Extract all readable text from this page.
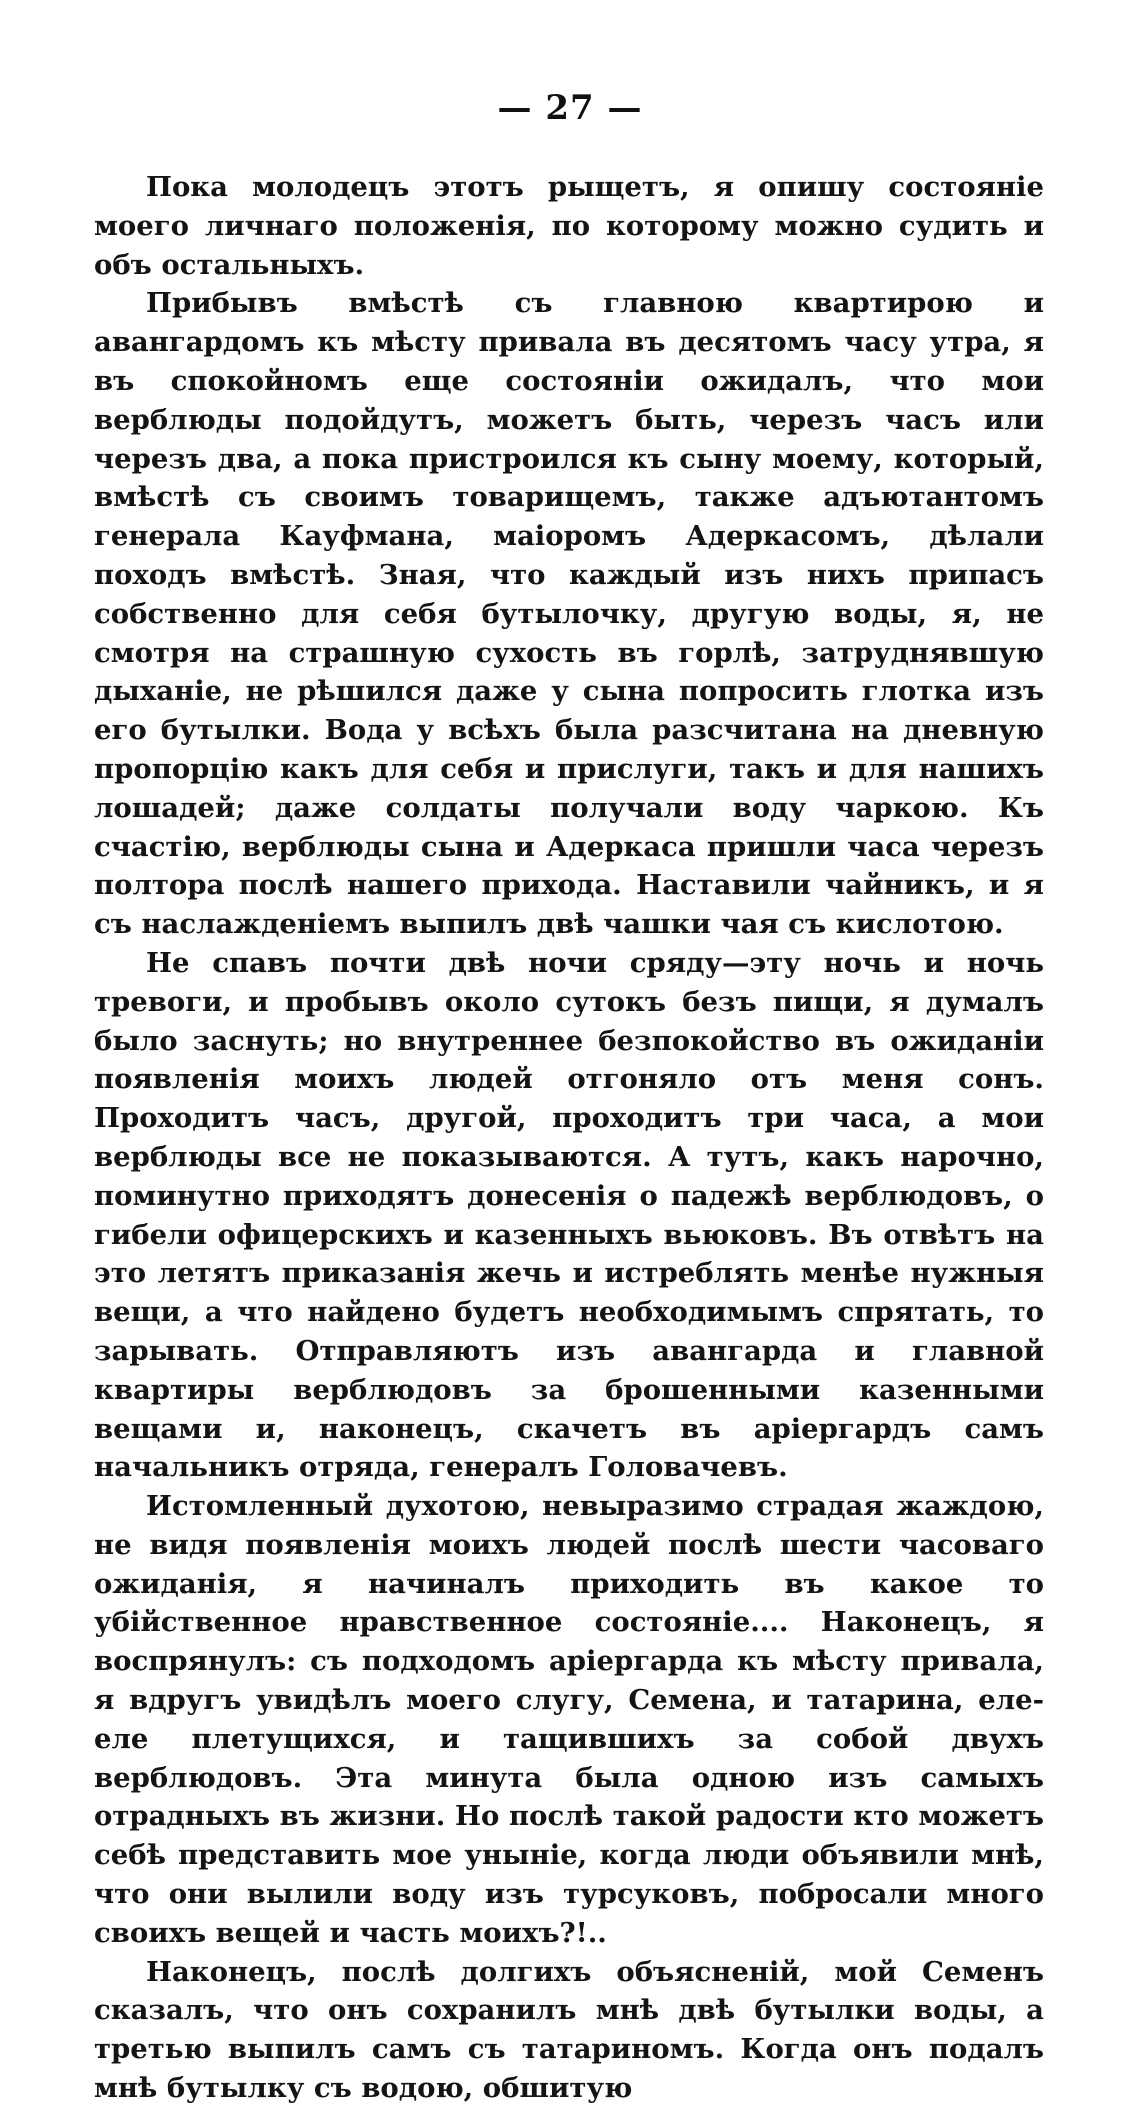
— 27 —

Пока молодецъ этотъ рыщетъ, я опишу состояніе моего личнаго положенія, по которому можно судить и объ остальныхъ.

Прибывъ вмѣстѣ съ главною квартирою и авангардомъ къ мѣсту привала въ десятомъ часу утра, я въ спокойномъ еще состояніи ожидалъ, что мои верблюды подойдутъ, можетъ быть, черезъ часъ или черезъ два, а пока пристроился къ сыну моему, который, вмѣстѣ съ своимъ товарищемъ, также адъютантомъ генерала Кауфмана, маіоромъ Адеркасомъ, дѣлали походъ вмѣстѣ. Зная, что каждый изъ нихъ припасъ собственно для себя бутылочку, другую воды, я, не смотря на страшную сухость въ горлѣ, затруднявшую дыханіе, не рѣшился даже у сына попросить глотка изъ его бутылки. Вода у всѣхъ была разсчитана на дневную пропорцію какъ для себя и прислуги, такъ и для нашихъ лошадей; даже солдаты получали воду чаркою. Къ счастію, верблюды сына и Адеркаса пришли часа черезъ полтора послѣ нашего прихода. Наставили чайникъ, и я съ наслажденіемъ выпилъ двѣ чашки чая съ кислотою.

Не спавъ почти двѣ ночи сряду—эту ночь и ночь тревоги, и пробывъ около сутокъ безъ пищи, я думалъ было заснуть; но внутреннее безпокойство въ ожиданіи появленія моихъ людей отгоняло отъ меня сонъ. Проходитъ часъ, другой, проходитъ три часа, а мои верблюды все не показываются. А тутъ, какъ нарочно, поминутно приходятъ донесенія о падежѣ верблюдовъ, о гибели офицерскихъ и казенныхъ вьюковъ. Въ отвѣтъ на это летятъ приказанія жечь и истреблять менѣе нужныя вещи, а что найдено будетъ необходимымъ спрятать, то зарывать. Отправляютъ изъ авангарда и главной квартиры верблюдовъ за брошенными казенными вещами и, наконецъ, скачетъ въ аріергардъ самъ начальникъ отряда, генералъ Головачевъ.

Истомленный духотою, невыразимо страдая жаждою, не видя появленія моихъ людей послѣ шести часоваго ожиданія, я начиналъ приходить въ какое то убійственное нравственное состояніе.... Наконецъ, я воспрянулъ: съ подходомъ аріергарда къ мѣсту привала, я вдругъ увидѣлъ моего слугу, Семена, и татарина, еле-еле плетущихся, и тащившихъ за собой двухъ верблюдовъ. Эта минута была одною изъ самыхъ отрадныхъ въ жизни. Но послѣ такой радости кто можетъ себѣ представить мое уныніе, когда люди объявили мнѣ, что они вылили воду изъ турсуковъ, побросали много своихъ вещей и часть моихъ?!..

Наконецъ, послѣ долгихъ объясненій, мой Семенъ сказалъ, что онъ сохранилъ мнѣ двѣ бутылки воды, а третью выпилъ самъ съ татариномъ. Когда онъ подалъ мнѣ бутылку съ водою, обшитую
